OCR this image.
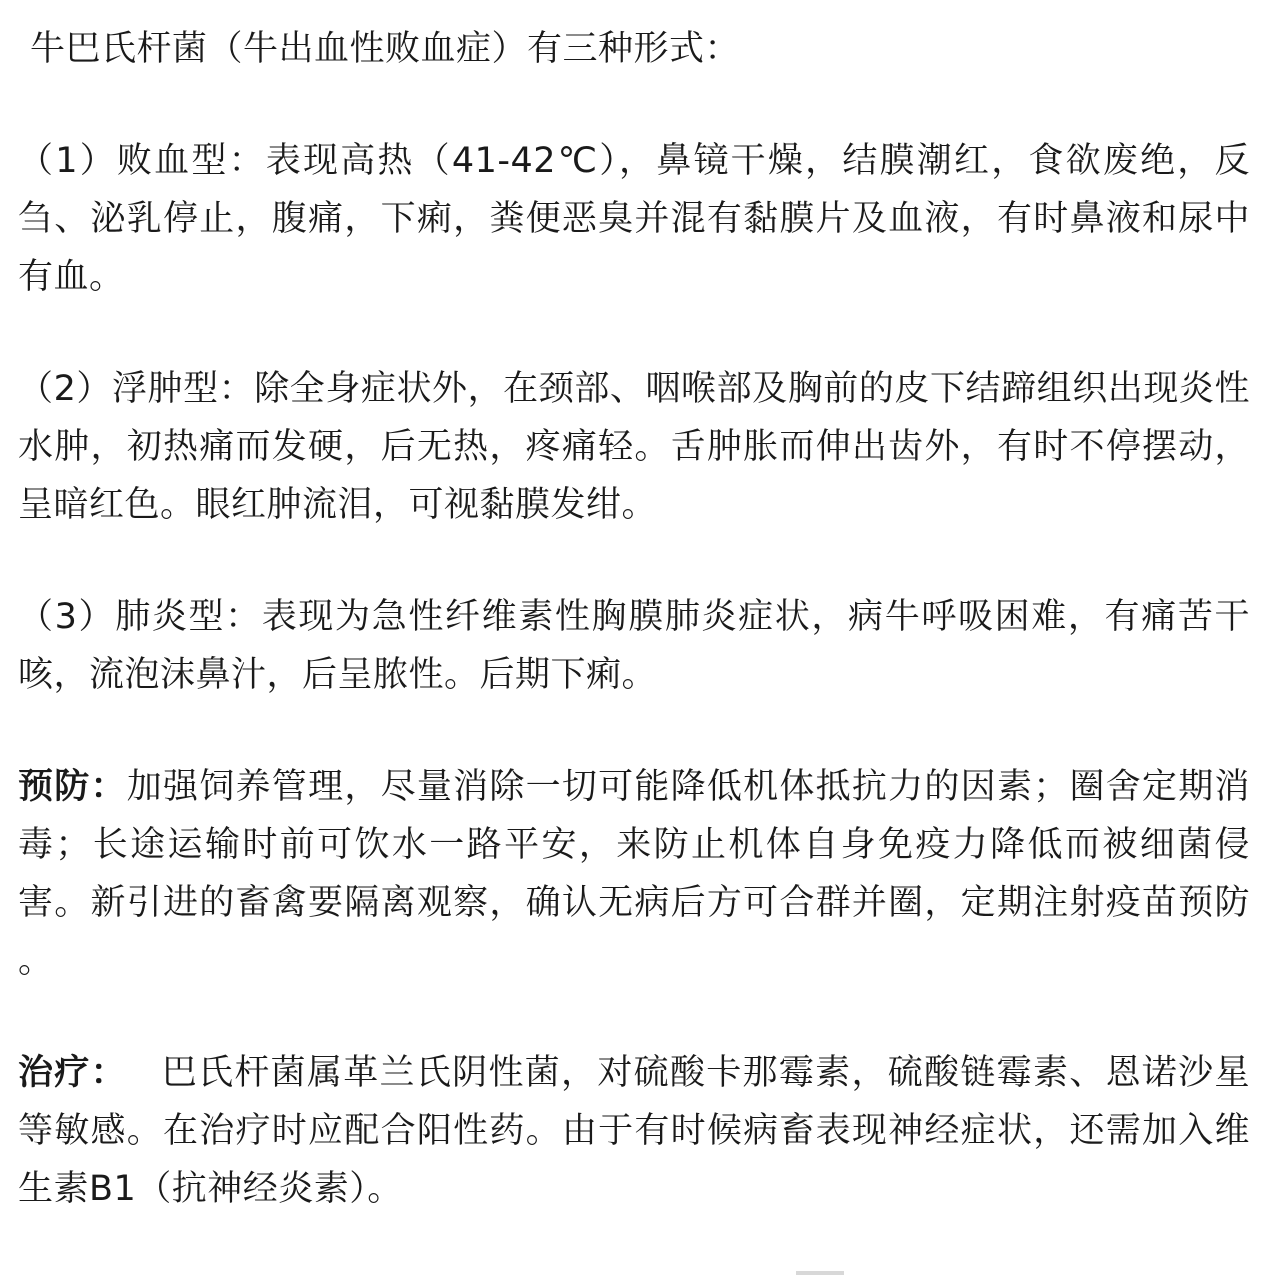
牛巴氏杆菌（牛出血性败血症）有三种形式：

（1）败血型：表现高热（41-42℃），鼻镜干燥，结膜潮红，食欲废绝，反刍、泌乳停止，腹痛，下痢，粪便恶臭并混有黏膜片及血液，有时鼻液和尿中有血。

（2）浮肿型：除全身症状外，在颈部、咽喉部及胸前的皮下结蹄组织出现炎性水肿，初热痛而发硬，后无热，疼痛轻。舌肿胀而伸出齿外，有时不停摆动，呈暗红色。眼红肿流泪，可视黏膜发绀。

（3）肺炎型：表现为急性纤维素性胸膜肺炎症状，病牛呼吸困难，有痛苦干咳，流泡沫鼻汁，后呈脓性。后期下痢。

预防：加强饲养管理，尽量消除一切可能降低机体抵抗力的因素；圈舍定期消毒；长途运输时前可饮水一路平安，来防止机体自身免疫力降低而被细菌侵害。新引进的畜禽要隔离观察，确认无病后方可合群并圈，定期注射疫苗预防 。

治疗： 巴氏杆菌属革兰氏阴性菌，对硫酸卡那霉素，硫酸链霉素、恩诺沙星等敏感。在治疗时应配合阳性药。由于有时候病畜表现神经症状，还需加入维生素B1（抗神经炎素）。
